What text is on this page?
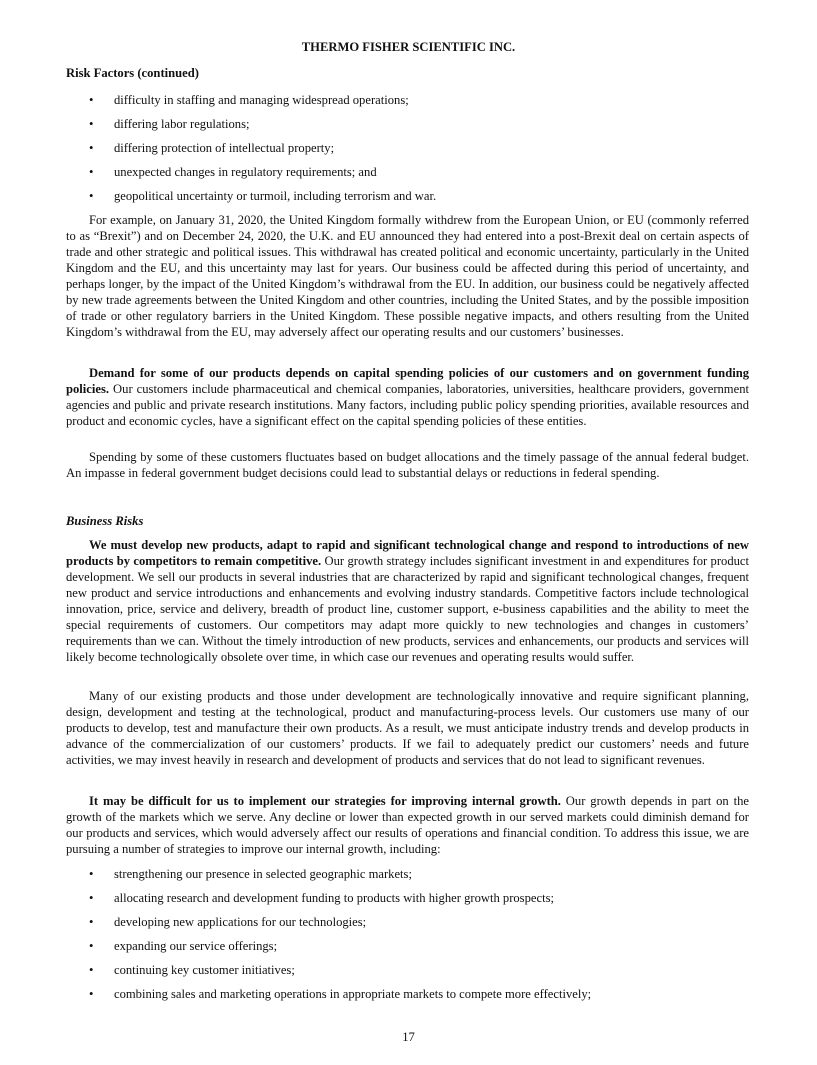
THERMO FISHER SCIENTIFIC INC.
Risk Factors (continued)
• difficulty in staffing and managing widespread operations;
• differing labor regulations;
• differing protection of intellectual property;
• unexpected changes in regulatory requirements; and
• geopolitical uncertainty or turmoil, including terrorism and war.
For example, on January 31, 2020, the United Kingdom formally withdrew from the European Union, or EU (commonly referred to as “Brexit”) and on December 24, 2020, the U.K. and EU announced they had entered into a post-Brexit deal on certain aspects of trade and other strategic and political issues. This withdrawal has created political and economic uncertainty, particularly in the United Kingdom and the EU, and this uncertainty may last for years. Our business could be affected during this period of uncertainty, and perhaps longer, by the impact of the United Kingdom’s withdrawal from the EU. In addition, our business could be negatively affected by new trade agreements between the United Kingdom and other countries, including the United States, and by the possible imposition of trade or other regulatory barriers in the United Kingdom. These possible negative impacts, and others resulting from the United Kingdom’s withdrawal from the EU, may adversely affect our operating results and our customers’ businesses.
Demand for some of our products depends on capital spending policies of our customers and on government funding policies. Our customers include pharmaceutical and chemical companies, laboratories, universities, healthcare providers, government agencies and public and private research institutions. Many factors, including public policy spending priorities, available resources and product and economic cycles, have a significant effect on the capital spending policies of these entities.
Spending by some of these customers fluctuates based on budget allocations and the timely passage of the annual federal budget. An impasse in federal government budget decisions could lead to substantial delays or reductions in federal spending.
Business Risks
We must develop new products, adapt to rapid and significant technological change and respond to introductions of new products by competitors to remain competitive. Our growth strategy includes significant investment in and expenditures for product development. We sell our products in several industries that are characterized by rapid and significant technological changes, frequent new product and service introductions and enhancements and evolving industry standards. Competitive factors include technological innovation, price, service and delivery, breadth of product line, customer support, e-business capabilities and the ability to meet the special requirements of customers. Our competitors may adapt more quickly to new technologies and changes in customers’ requirements than we can. Without the timely introduction of new products, services and enhancements, our products and services will likely become technologically obsolete over time, in which case our revenues and operating results would suffer.
Many of our existing products and those under development are technologically innovative and require significant planning, design, development and testing at the technological, product and manufacturing-process levels. Our customers use many of our products to develop, test and manufacture their own products. As a result, we must anticipate industry trends and develop products in advance of the commercialization of our customers’ products. If we fail to adequately predict our customers’ needs and future activities, we may invest heavily in research and development of products and services that do not lead to significant revenues.
It may be difficult for us to implement our strategies for improving internal growth. Our growth depends in part on the growth of the markets which we serve. Any decline or lower than expected growth in our served markets could diminish demand for our products and services, which would adversely affect our results of operations and financial condition. To address this issue, we are pursuing a number of strategies to improve our internal growth, including:
• strengthening our presence in selected geographic markets;
• allocating research and development funding to products with higher growth prospects;
• developing new applications for our technologies;
• expanding our service offerings;
• continuing key customer initiatives;
• combining sales and marketing operations in appropriate markets to compete more effectively;
17
